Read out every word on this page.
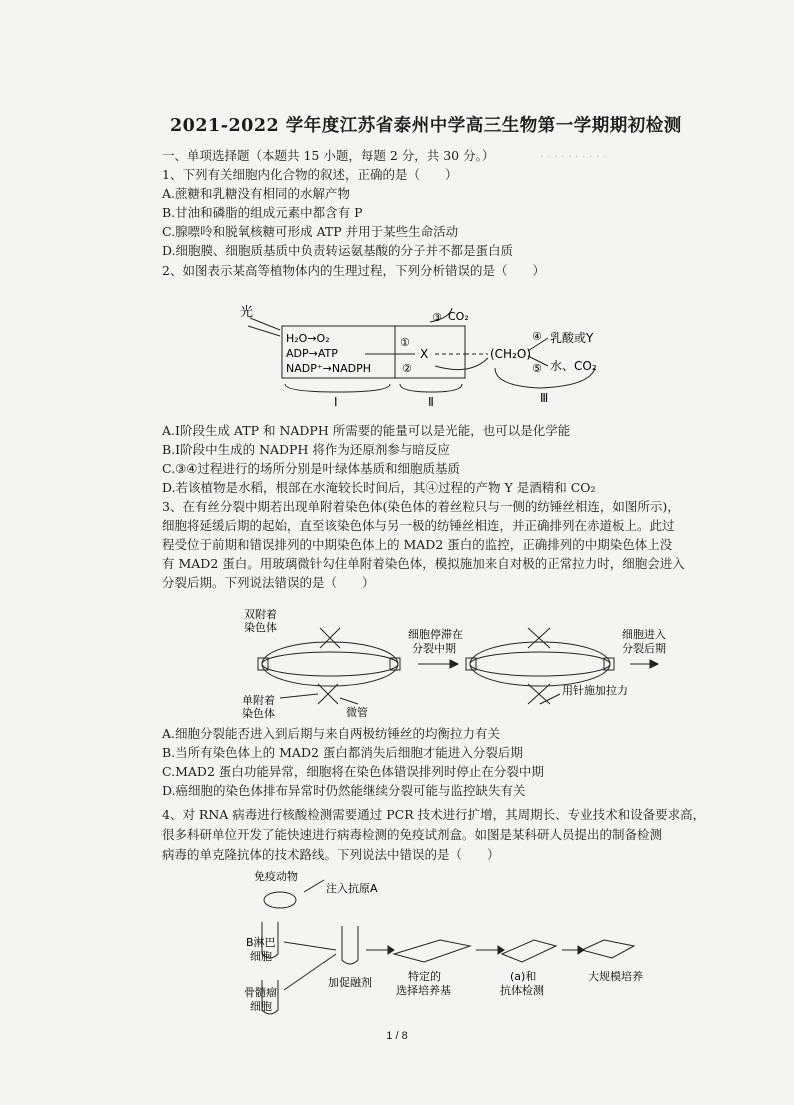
· · · · · · · · · ·
2021-2022 学年度江苏省泰州中学高三生物第一学期期初检测
一、单项选择题（本题共 15 小题，每题 2 分，共 30 分。）
1、下列有关细胞内化合物的叙述，正确的是（　　）
A.蔗糖和乳糖没有相同的水解产物
B.甘油和磷脂的组成元素中都含有 P
C.腺嘌呤和脱氧核糖可形成 ATP 并用于某些生命活动
D.细胞膜、细胞质基质中负责转运氨基酸的分子并不都是蛋白质
2、如图表示某高等植物体内的生理过程，下列分析错误的是（　　）
光
H₂O→O₂
ADP→ATP
NADP⁺→NADPH
CO₂
③
①
②
X	(CH₂O)
④ 乳酸或Y
⑤ 水、CO₂
Ⅰ	Ⅱ	Ⅲ
A.Ⅰ阶段生成 ATP 和 NADPH 所需要的能量可以是光能，也可以是化学能
B.Ⅰ阶段中生成的 NADPH 将作为还原剂参与暗反应
C.③④过程进行的场所分别是叶绿体基质和细胞质基质
D.若该植物是水稻，根部在水淹较长时间后，其④过程的产物 Y 是酒精和 CO₂
3、在有丝分裂中期若出现单附着染色体(染色体的着丝粒只与一侧的纺锤丝相连，如图所示)，
细胞将延缓后期的起始，直至该染色体与另一极的纺锤丝相连，并正确排列在赤道板上。此过
程受位于前期和错误排列的中期染色体上的 MAD2 蛋白的监控，正确排列的中期染色体上没
有 MAD2 蛋白。用玻璃微针勾住单附着染色体，模拟施加来自对极的正常拉力时，细胞会进入
分裂后期。下列说法错误的是（　　）
双附着
染色体
单附着
染色体	微管
细胞停滞在
分裂中期
细胞进入
分裂后期
用针施加拉力
A.细胞分裂能否进入到后期与来自两极纺锤丝的均衡拉力有关
B.当所有染色体上的 MAD2 蛋白都消失后细胞才能进入分裂后期
C.MAD2 蛋白功能异常，细胞将在染色体错误排列时停止在分裂中期
D.癌细胞的染色体排布异常时仍然能继续分裂可能与监控缺失有关
4、对 RNA 病毒进行核酸检测需要通过 PCR 技术进行扩增，其周期长、专业技术和设备要求高，
很多科研单位开发了能快速进行病毒检测的免疫试剂盒。如图是某科研人员提出的制备检测
病毒的单克隆抗体的技术路线。下列说法中错误的是（　　）
免疫动物
注入抗原A
B淋巴
细胞
骨髓瘤
细胞
加促融剂	特定的
选择培养基
(a)和
抗体检测
大规模培养
1 / 8
